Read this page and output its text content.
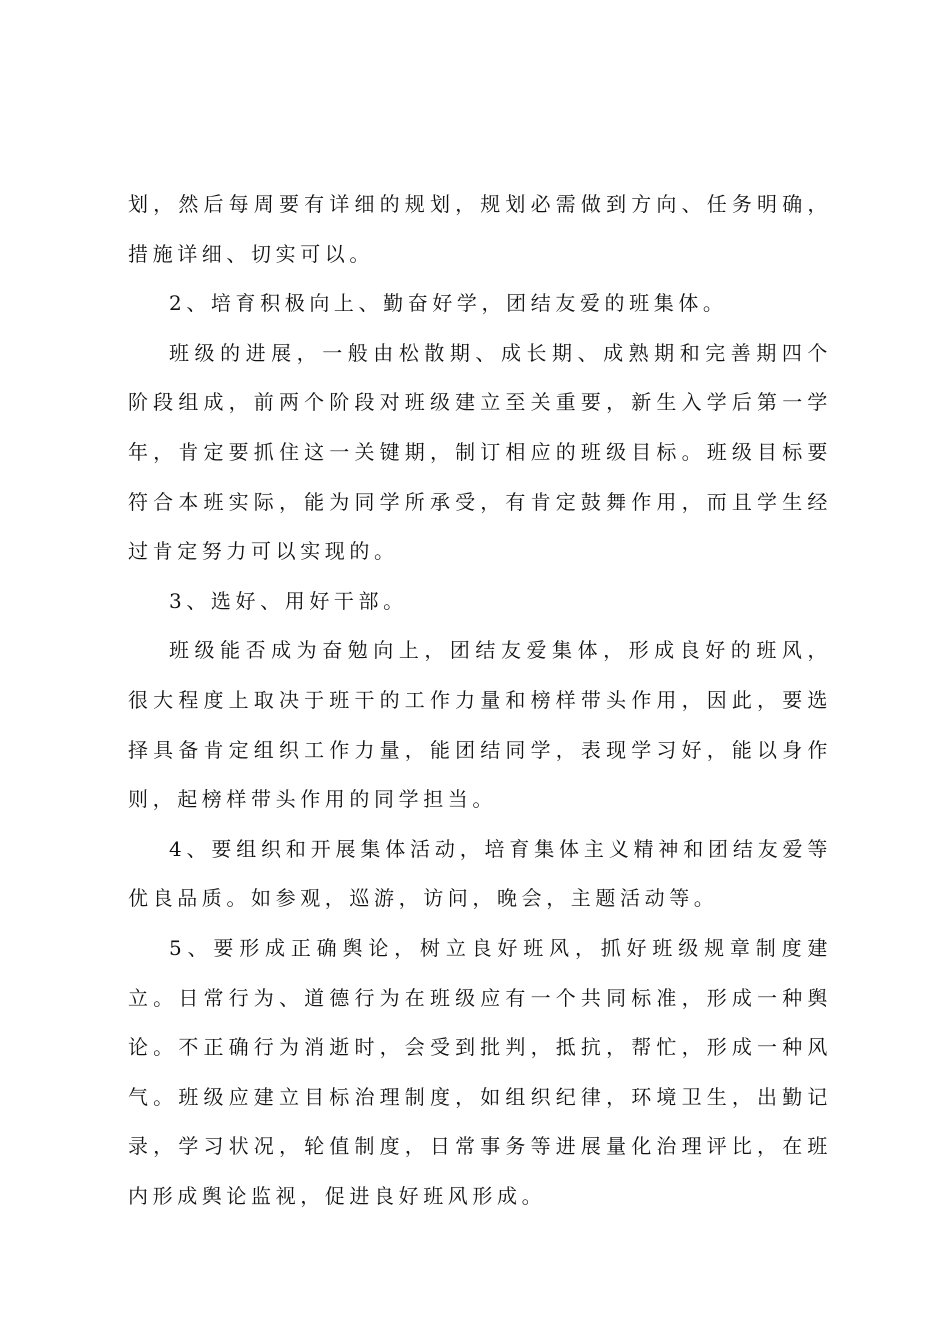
划，然后每周要有详细的规划，规划必需做到方向、任务明确，措施详细、切实可以。

2、培育积极向上、勤奋好学，团结友爱的班集体。

班级的进展，一般由松散期、成长期、成熟期和完善期四个阶段组成，前两个阶段对班级建立至关重要，新生入学后第一学年，肯定要抓住这一关键期，制订相应的班级目标。班级目标要符合本班实际，能为同学所承受，有肯定鼓舞作用，而且学生经过肯定努力可以实现的。

3、选好、用好干部。

班级能否成为奋勉向上，团结友爱集体，形成良好的班风，很大程度上取决于班干的工作力量和榜样带头作用，因此，要选择具备肯定组织工作力量，能团结同学，表现学习好，能以身作则，起榜样带头作用的同学担当。

4、要组织和开展集体活动，培育集体主义精神和团结友爱等优良品质。如参观，巡游，访问，晚会，主题活动等。

5、要形成正确舆论，树立良好班风，抓好班级规章制度建立。日常行为、道德行为在班级应有一个共同标准，形成一种舆论。不正确行为消逝时，会受到批判，抵抗，帮忙，形成一种风气。班级应建立目标治理制度，如组织纪律，环境卫生，出勤记录，学习状况，轮值制度，日常事务等进展量化治理评比，在班内形成舆论监视，促进良好班风形成。
